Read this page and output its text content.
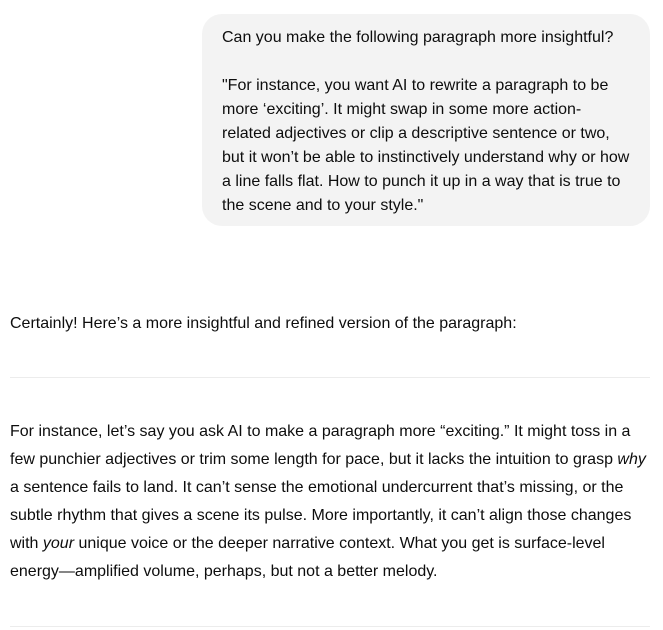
Can you make the following paragraph more insightful?

"For instance, you want AI to rewrite a paragraph to be more ‘exciting’. It might swap in some more action-related adjectives or clip a descriptive sentence or two, but it won’t be able to instinctively understand why or how a line falls flat. How to punch it up in a way that is true to the scene and to your style."

Certainly! Here’s a more insightful and refined version of the paragraph:

For instance, let’s say you ask AI to make a paragraph more “exciting.” It might toss in a few punchier adjectives or trim some length for pace, but it lacks the intuition to grasp why a sentence fails to land. It can’t sense the emotional undercurrent that’s missing, or the subtle rhythm that gives a scene its pulse. More importantly, it can’t align those changes with your unique voice or the deeper narrative context. What you get is surface-level energy—amplified volume, perhaps, but not a better melody.
